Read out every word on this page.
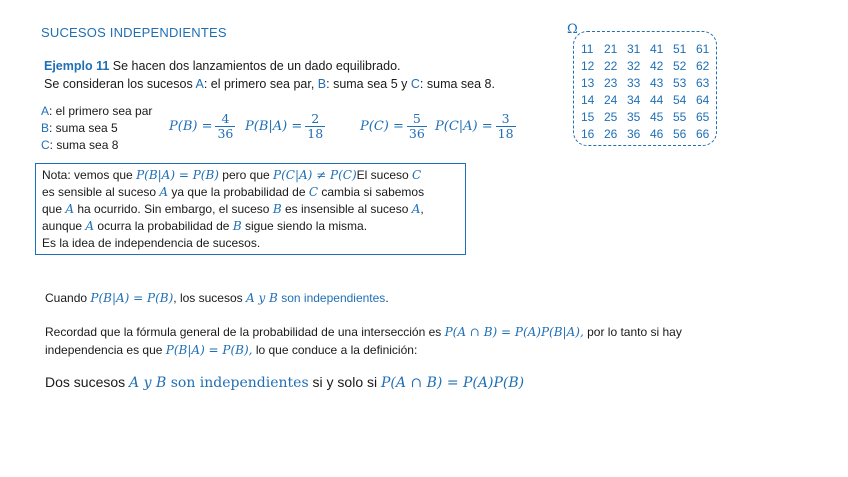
SUCESOS INDEPENDIENTES
Ejemplo 11 Se hacen dos lanzamientos de un dado equilibrado.
Se consideran los sucesos A: el primero sea par, B: suma sea 5 y C: suma sea 8.
A: el primero sea par
B: suma sea 5
C: suma sea 8
$P(B) = \frac{4}{36} P(B|A) = \frac{2}{18}$	$P(C) = \frac{5}{36} P(C|A) = \frac{3}{18}$
Ω
11 21 31 41 51 61
12 22 32 42 52 62
13 23 33 43 53 63
14 24 34 44 54 64
15 25 35 45 55 65
16 26 36 46 56 66
Nota: vemos que P(B|A) = P(B) pero que P(C|A) ≠ P(C)El suceso C
es sensible al suceso A ya que la probabilidad de C cambia si sabemos
que A ha ocurrido. Sin embargo, el suceso B es insensible al suceso A,
aunque A ocurra la probabilidad de B sigue siendo la misma.
Es la idea de independencia de sucesos.
Cuando P(B|A) = P(B), los sucesos A y B son independientes.
Recordad que la fórmula general de la probabilidad de una intersección es P(A ∩ B) = P(A)P(B|A), por lo tanto si hay
independencia es que P(B|A) = P(B), lo que conduce a la definición:
Dos sucesos A y B son independientes si y solo si P(A ∩ B) = P(A)P(B)
